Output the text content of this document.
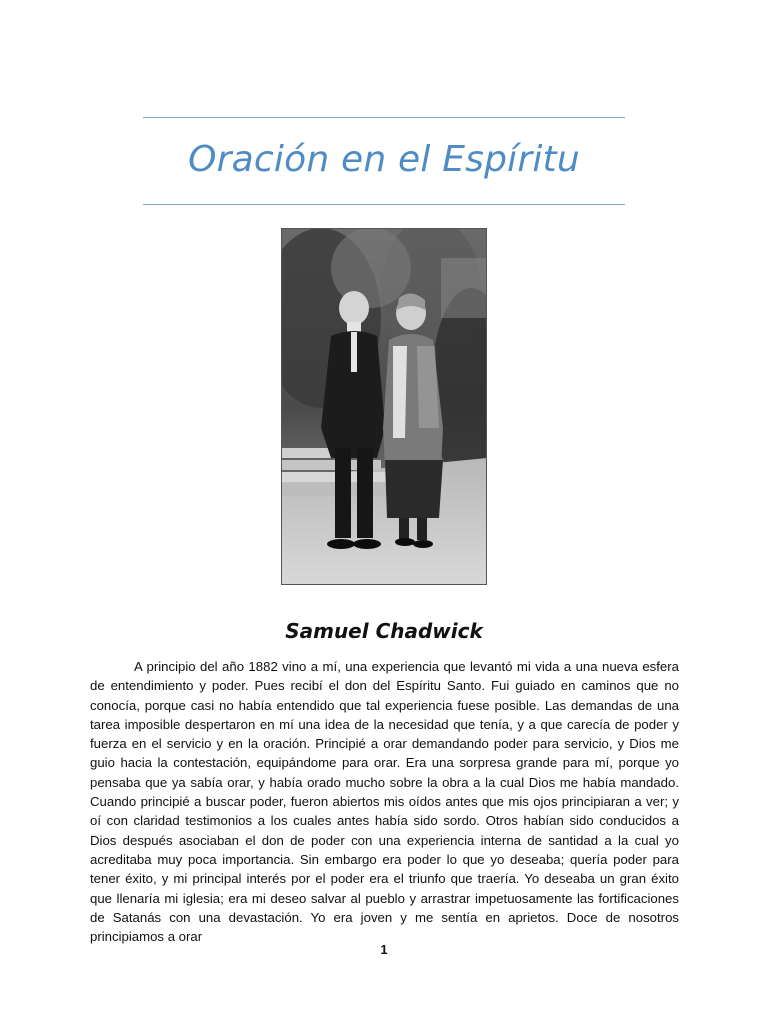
Oración en el Espíritu
Samuel Chadwick

A principio del año 1882 vino a mí, una experiencia que levantó mi vida a una nueva esfera de entendimiento y poder. Pues recibí el don del Espíritu Santo. Fui guiado en caminos que no conocía, porque casi no había entendido que tal experiencia fuese posible. Las demandas de una tarea imposible despertaron en mí una idea de la necesidad que tenía, y a que carecía de poder y fuerza en el servicio y en la oración. Principié a orar demandando poder para servicio, y Dios me guio hacia la contestación, equipándome para orar. Era una sorpresa grande para mí, porque yo pensaba que ya sabía orar, y había orado mucho sobre la obra a la cual Dios me había mandado. Cuando principié a buscar poder, fueron abiertos mis oídos antes que mis ojos principiaran a ver; y oí con claridad testimonios a los cuales antes había sido sordo. Otros habían sido conducidos a Dios después asociaban el don de poder con una experiencia interna de santidad a la cual yo acreditaba muy poca importancia. Sin embargo era poder lo que yo deseaba; quería poder para tener éxito, y mi principal interés por el poder era el triunfo que traería. Yo deseaba un gran éxito que llenaría mi iglesia; era mi deseo salvar al pueblo y arrastrar impetuosamente las fortificaciones de Satanás con una devastación. Yo era joven y me sentía en aprietos. Doce de nosotros principiamos a orar

1
